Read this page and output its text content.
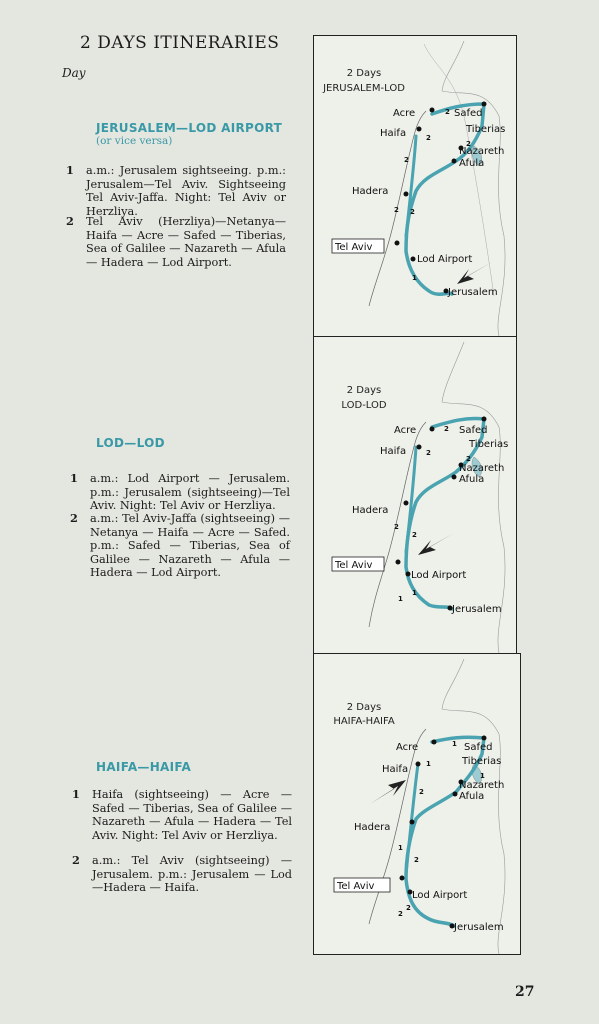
2 DAYS ITINERARIES
Day
JERUSALEM—LOD AIRPORT
(or vice versa)
1 a.m.: Jerusalem sightseeing. p.m.: Jerusalem—Tel Aviv. Sightseeing Tel Aviv-Jaffa. Night: Tel Aviv or Herzliya.
2 Tel Aviv (Herzliya)—Netanya—Haifa — Acre — Safed — Tiberias, Sea of Galilee — Nazareth — Afula — Hadera — Lod Airport.
LOD—LOD
1 a.m.: Lod Airport — Jerusalem. p.m.: Jerusalem (sightseeing)—Tel Aviv. Night: Tel Aviv or Herzliya.
2 a.m.: Tel Aviv-Jaffa (sightseeing) — Netanya — Haifa — Acre — Safed. p.m.: Safed — Tiberias, Sea of Galilee — Nazareth — Afula — Hadera — Lod Airport.
HAIFA—HAIFA
1 Haifa (sightseeing) — Acre — Safed — Tiberias, Sea of Galilee — Nazareth — Afula — Hadera — Tel Aviv. Night: Tel Aviv or Herzliya.
2 a.m.: Tel Aviv (sightseeing) — Jerusalem. p.m.: Jerusalem — Lod—Hadera — Haifa.
2 Days
JERUSALEM-LOD
Acre	Safed
Tiberias
Haifa
Nazareth
Afula
Hadera
Tel Aviv
Lod Airport
Jerusalem
2
2
2
2
2 2
1
2 Days
LOD-LOD
Acre	Safed
Tiberias
Haifa
Nazareth
Afula
Hadera
Tel Aviv
Lod Airport
Jerusalem
2
2
2
2
2
1
1
2 Days
HAIFA-HAIFA
Acre	Safed
Tiberias
Haifa
Nazareth
Afula
Hadera
Tel Aviv
Lod Airport
Jerusalem
1
1
1
1
2
2
2
2
27
